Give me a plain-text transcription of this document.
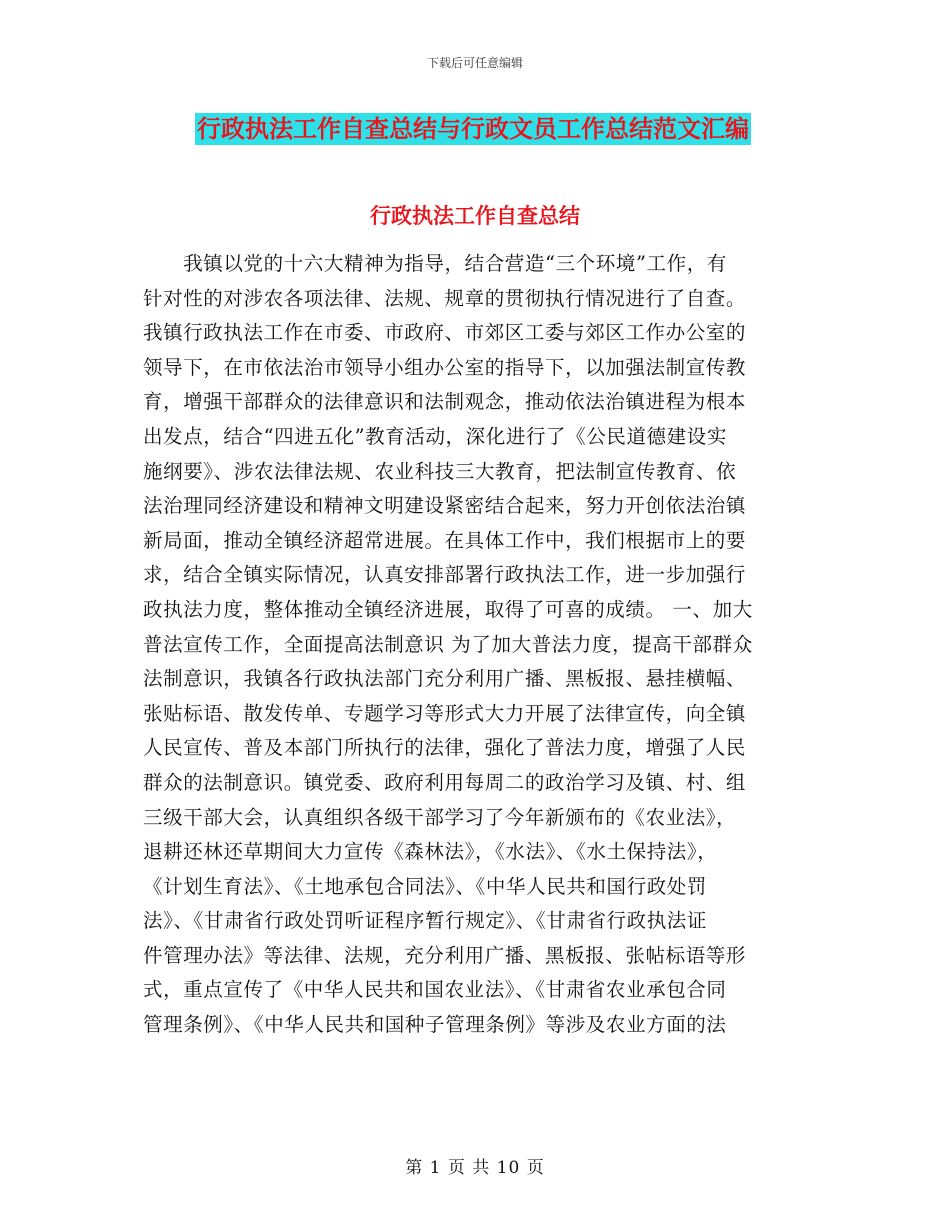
下载后可任意编辑
行政执法工作自查总结与行政文员工作总结范文汇编
行政执法工作自查总结
　　我镇以党的十六大精神为指导，结合营造“三个环境”工作，有
针对性的对涉农各项法律、法规、规章的贯彻执行情况进行了自查。
我镇行政执法工作在市委、市政府、市郊区工委与郊区工作办公室的
领导下，在市依法治市领导小组办公室的指导下，以加强法制宣传教
育，增强干部群众的法律意识和法制观念，推动依法治镇进程为根本
出发点，结合“四进五化”教育活动，深化进行了《公民道德建设实
施纲要》、涉农法律法规、农业科技三大教育，把法制宣传教育、依
法治理同经济建设和精神文明建设紧密结合起来，努力开创依法治镇
新局面，推动全镇经济超常进展。在具体工作中，我们根据市上的要
求，结合全镇实际情况，认真安排部署行政执法工作，进一步加强行
政执法力度，整体推动全镇经济进展，取得了可喜的成绩。 一、加大
普法宣传工作，全面提高法制意识 为了加大普法力度，提高干部群众
法制意识，我镇各行政执法部门充分利用广播、黑板报、悬挂横幅、
张贴标语、散发传单、专题学习等形式大力开展了法律宣传，向全镇
人民宣传、普及本部门所执行的法律，强化了普法力度，增强了人民
群众的法制意识。镇党委、政府利用每周二的政治学习及镇、村、组
三级干部大会，认真组织各级干部学习了今年新颁布的《农业法》，
退耕还林还草期间大力宣传《森林法》，《水法》、《水土保持法》，
《计划生育法》、《土地承包合同法》、《中华人民共和国行政处罚
法》、《甘肃省行政处罚听证程序暂行规定》、《甘肃省行政执法证
件管理办法》等法律、法规，充分利用广播、黑板报、张帖标语等形
式，重点宣传了《中华人民共和国农业法》、《甘肃省农业承包合同
管理条例》、《中华人民共和国种子管理条例》等涉及农业方面的法
第 1 页 共 10 页
